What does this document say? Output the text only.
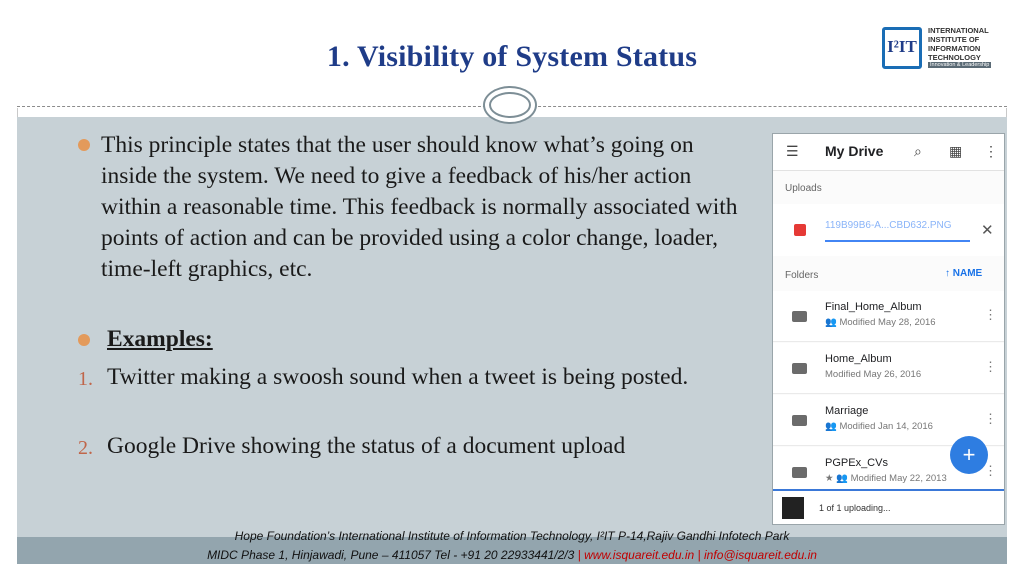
1. Visibility of System Status	I²IT
INTERNATIONAL
INSTITUTE OF
INFORMATION
TECHNOLOGY
Innovation & Leadership
This principle states that the user should know what’s going on inside the system. We need to give a feedback of his/her action within a reasonable time. This feedback is normally associated with points of action and can be provided using a color change, loader, time-left graphics, etc.
Examples:
1. Twitter making a swoosh sound when a tweet is being posted.
2. Google Drive showing the status of a document upload
☰ My Drive ⌕ ▦ ⋮
Uploads
119B99B6-A...CBD632.PNG ✕
Folders	↑ NAME
Final_Home_Album
👥 Modified May 28, 2016
⋮
Home_Album
Modified May 26, 2016
⋮
Marriage
👥 Modified Jan 14, 2016
⋮
PGPEx_CVs
★ 👥 Modified May 22, 2013
⋮
+
1 of 1 uploading...
Hope Foundation’s International Institute of Information Technology, I²IT P-14,Rajiv Gandhi Infotech Park
MIDC Phase 1, Hinjawadi, Pune – 411057 Tel - +91 20 22933441/2/3 | www.isquareit.edu.in | info@isquareit.edu.in
